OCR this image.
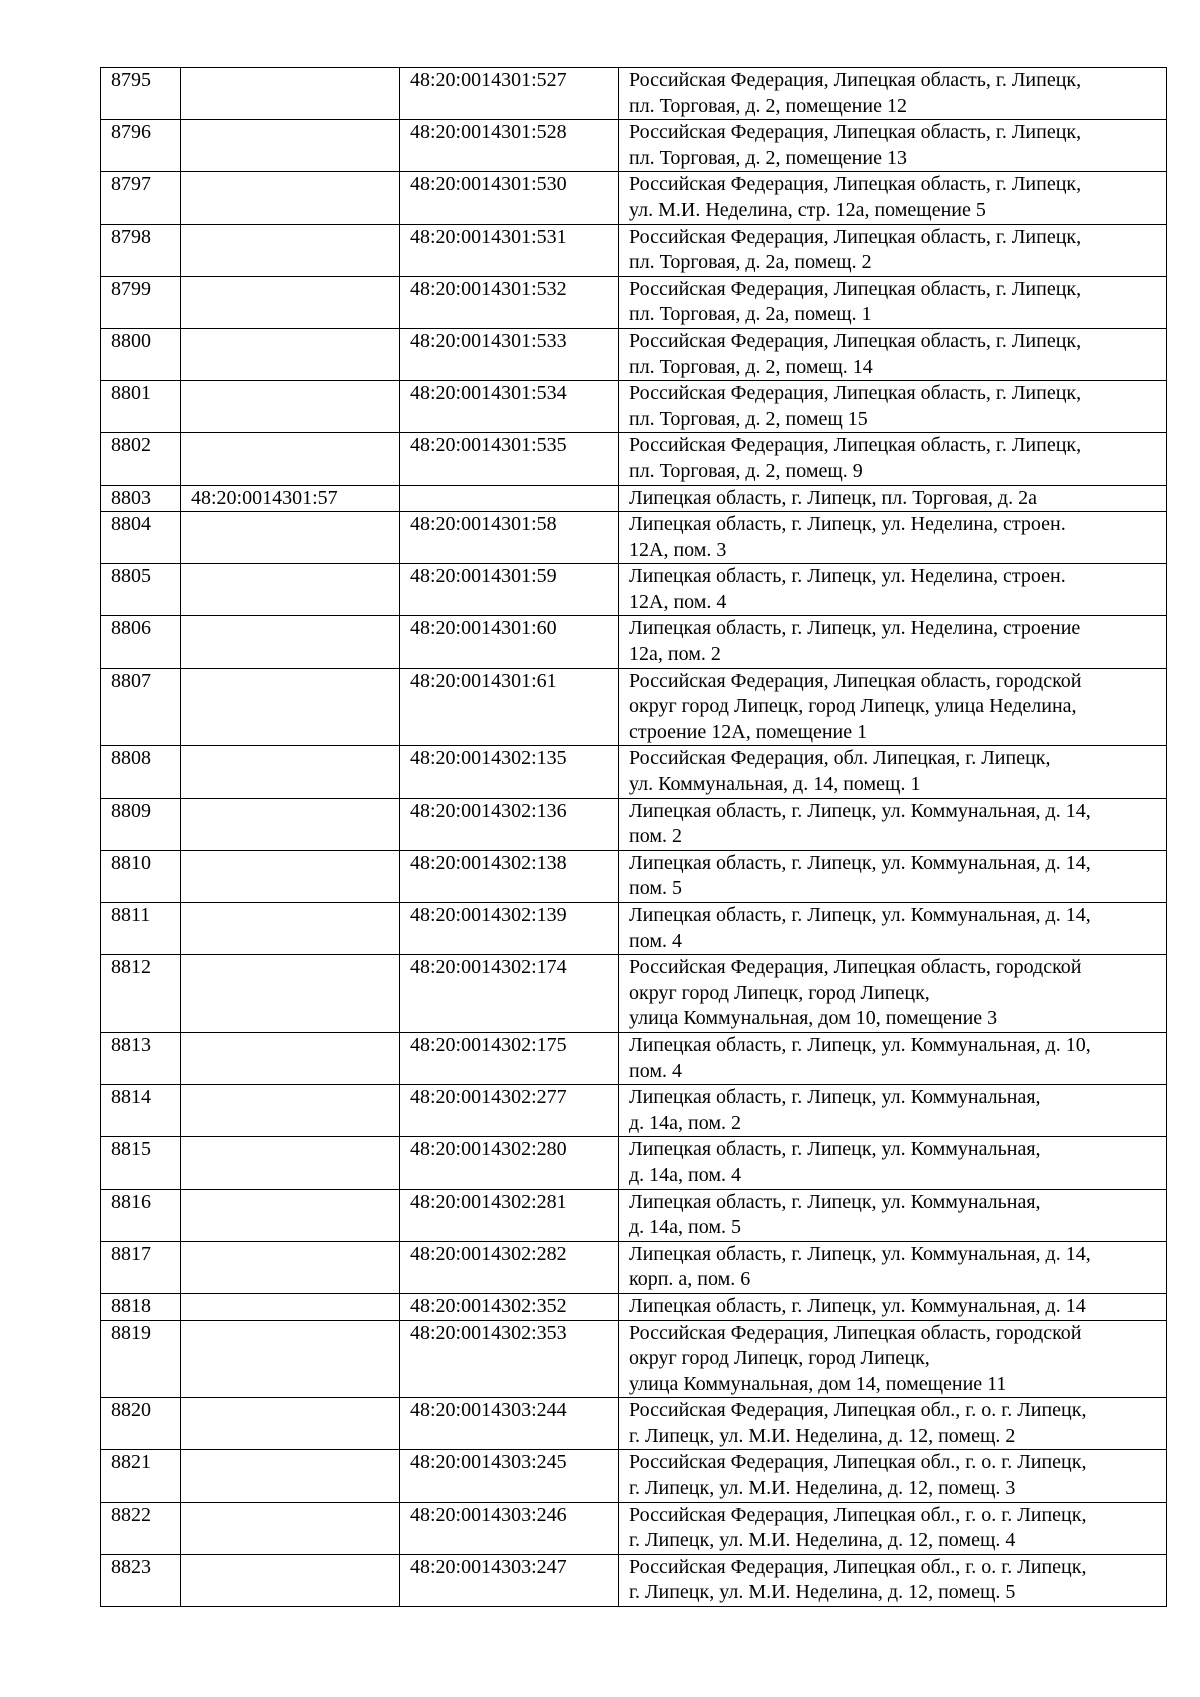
8795		48:20:0014301:527	Российская Федерация, Липецкая область, г. Липецк,
пл. Торговая, д. 2, помещение 12
8796		48:20:0014301:528	Российская Федерация, Липецкая область, г. Липецк,
пл. Торговая, д. 2, помещение 13
8797		48:20:0014301:530	Российская Федерация, Липецкая область, г. Липецк,
ул. М.И. Неделина, стр. 12а, помещение 5
8798		48:20:0014301:531	Российская Федерация, Липецкая область, г. Липецк,
пл. Торговая, д. 2а, помещ. 2
8799		48:20:0014301:532	Российская Федерация, Липецкая область, г. Липецк,
пл. Торговая, д. 2а, помещ. 1
8800		48:20:0014301:533	Российская Федерация, Липецкая область, г. Липецк,
пл. Торговая, д. 2, помещ. 14
8801		48:20:0014301:534	Российская Федерация, Липецкая область, г. Липецк,
пл. Торговая, д. 2, помещ 15
8802		48:20:0014301:535	Российская Федерация, Липецкая область, г. Липецк,
пл. Торговая, д. 2, помещ. 9
8803	48:20:0014301:57		Липецкая область, г. Липецк, пл. Торговая, д. 2а
8804		48:20:0014301:58	Липецкая область, г. Липецк, ул. Неделина, строен.
12А, пом. 3
8805		48:20:0014301:59	Липецкая область, г. Липецк, ул. Неделина, строен.
12А, пом. 4
8806		48:20:0014301:60	Липецкая область, г. Липецк, ул. Неделина, строение
12а, пом. 2
8807		48:20:0014301:61	Российская Федерация, Липецкая область, городской
округ город Липецк, город Липецк, улица Неделина,
строение 12А, помещение 1
8808		48:20:0014302:135	Российская Федерация, обл. Липецкая, г. Липецк,
ул. Коммунальная, д. 14, помещ. 1
8809		48:20:0014302:136	Липецкая область, г. Липецк, ул. Коммунальная, д. 14,
пом. 2
8810		48:20:0014302:138	Липецкая область, г. Липецк, ул. Коммунальная, д. 14,
пом. 5
8811		48:20:0014302:139	Липецкая область, г. Липецк, ул. Коммунальная, д. 14,
пом. 4
8812		48:20:0014302:174	Российская Федерация, Липецкая область, городской
округ город Липецк, город Липецк,
улица Коммунальная, дом 10, помещение 3
8813		48:20:0014302:175	Липецкая область, г. Липецк, ул. Коммунальная, д. 10,
пом. 4
8814		48:20:0014302:277	Липецкая область, г. Липецк, ул. Коммунальная,
д. 14а, пом. 2
8815		48:20:0014302:280	Липецкая область, г. Липецк, ул. Коммунальная,
д. 14а, пом. 4
8816		48:20:0014302:281	Липецкая область, г. Липецк, ул. Коммунальная,
д. 14а, пом. 5
8817		48:20:0014302:282	Липецкая область, г. Липецк, ул. Коммунальная, д. 14,
корп. а, пом. 6
8818		48:20:0014302:352	Липецкая область, г. Липецк, ул. Коммунальная, д. 14
8819		48:20:0014302:353	Российская Федерация, Липецкая область, городской
округ город Липецк, город Липецк,
улица Коммунальная, дом 14, помещение 11
8820		48:20:0014303:244	Российская Федерация, Липецкая обл., г. о. г. Липецк,
г. Липецк, ул. М.И. Неделина, д. 12, помещ. 2
8821		48:20:0014303:245	Российская Федерация, Липецкая обл., г. о. г. Липецк,
г. Липецк, ул. М.И. Неделина, д. 12, помещ. 3
8822		48:20:0014303:246	Российская Федерация, Липецкая обл., г. о. г. Липецк,
г. Липецк, ул. М.И. Неделина, д. 12, помещ. 4
8823		48:20:0014303:247	Российская Федерация, Липецкая обл., г. о. г. Липецк,
г. Липецк, ул. М.И. Неделина, д. 12, помещ. 5
